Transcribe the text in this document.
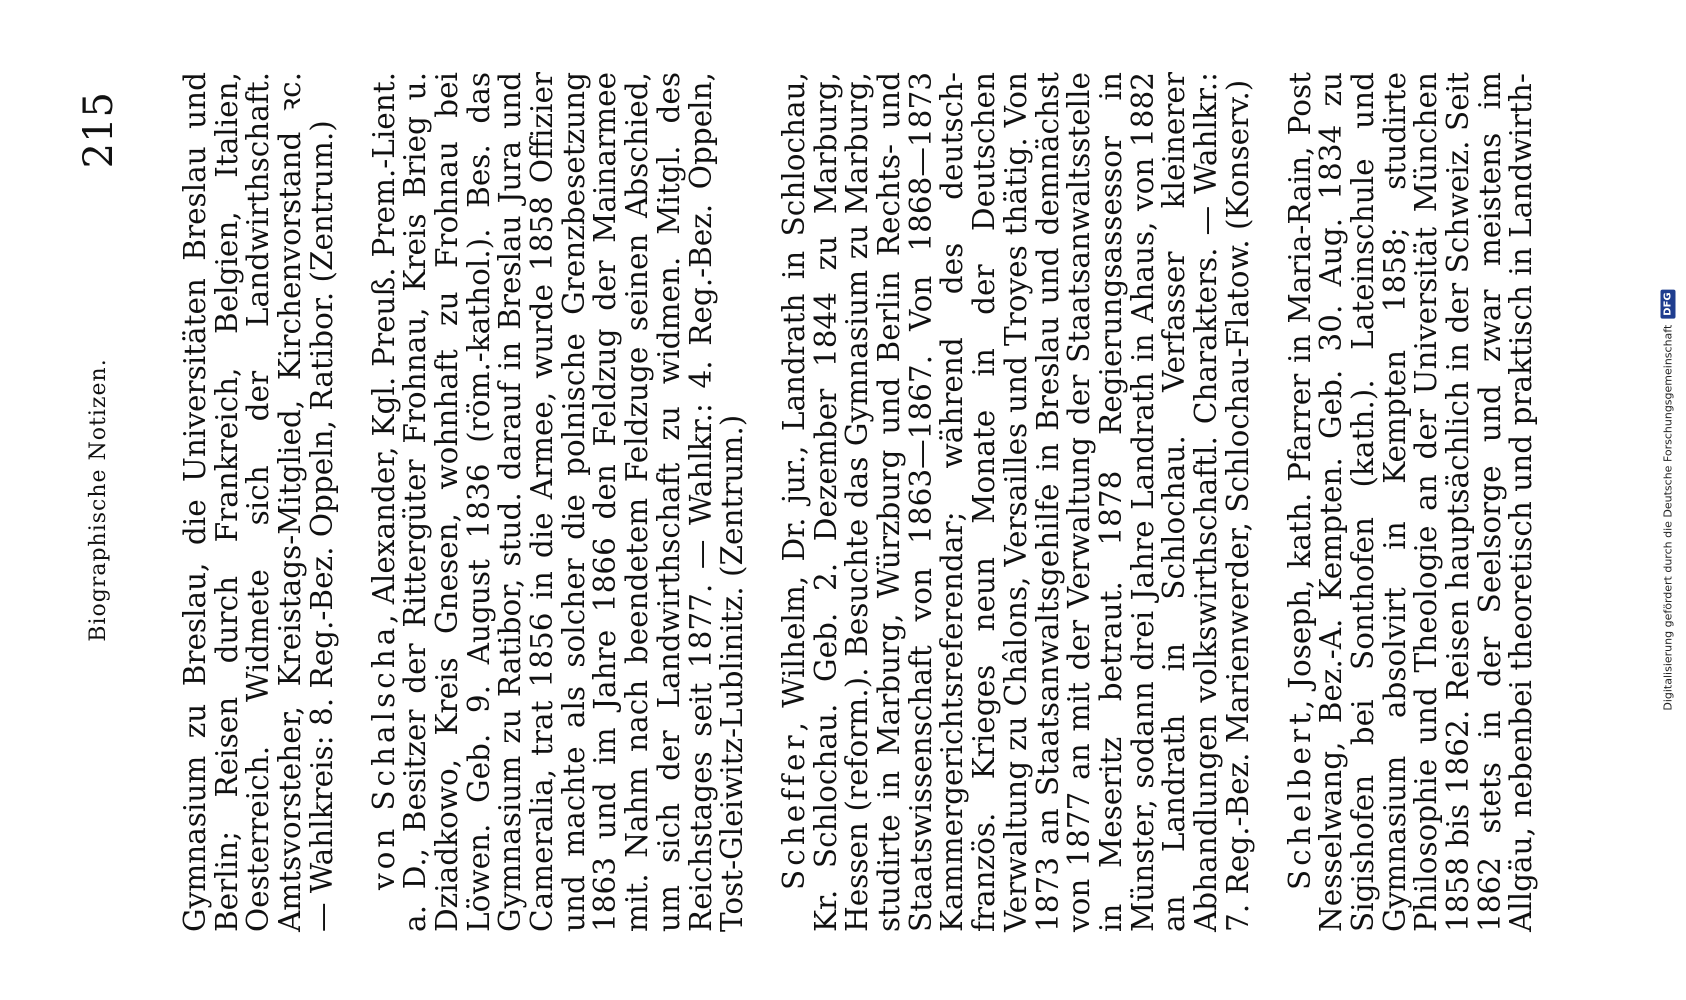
Biographische Notizen.
215 Gymnasium zu Breslau, die Universitäten Breslau und Berlin; Reisen durch Frankreich, Belgien, Italien, Oesterreich. Widmete sich der Landwirthschaft. Amtsvorsteher, Kreistags-Mitglied, Kirchenvorstand ꝛc. — Wahlkreis: 8. Reg.-Bez. Oppeln, Ratibor. (Zentrum.) von Schalscha, Alexander, Kgl. Preuß. Prem.-Lient. a. D., Besitzer der Rittergüter Frohnau, Kreis Brieg u. Dziadkowo, Kreis Gnesen, wohnhaft zu Frohnau bei Löwen. Geb. 9. August 1836 (röm.-kathol.). Bes. das Gymnasium zu Ratibor, stud. darauf in Breslau Jura und Cameralia, trat 1856 in die Armee, wurde 1858 Offizier und machte als solcher die polnische Grenzbesetzung 1863 und im Jahre 1866 den Feldzug der Mainarmee mit. Nahm nach beendetem Feldzuge seinen Abschied, um sich der Landwirthschaft zu widmen. Mitgl. des Reichstages seit 1877. — Wahlkr.: 4. Reg.-Bez. Oppeln, Tost-Gleiwitz-Lublinitz. (Zentrum.) Scheffer, Wilhelm, Dr. jur., Landrath in Schlochau, Kr. Schlochau. Geb. 2. Dezember 1844 zu Marburg, Hessen (reform.). Besuchte das Gymnasium zu Marburg, studirte in Marburg, Würzburg und Berlin Rechts- und Staatswissenschaft von 1863—1867. Von 1868—1873 Kammergerichtsreferendar; während des deutsch-französ. Krieges neun Monate in der Deutschen Verwaltung zu Châlons, Versailles und Troyes thätig. Von 1873 an Staatsanwaltsgehilfe in Breslau und demnächst von 1877 an mit der Verwaltung der Staatsanwaltsstelle in Meseritz betraut. 1878 Regierungsassessor in Münster, sodann drei Jahre Landrath in Ahaus, von 1882 an Landrath in Schlochau. Verfasser kleinerer Abhandlungen volkswirthschaftl. Charakters. — Wahlkr.: 7. Reg.-Bez. Marienwerder, Schlochau-Flatow. (Konserv.) Schelbert, Joseph, kath. Pfarrer in Maria-Rain, Post Nesselwang, Bez.-A. Kempten. Geb. 30. Aug. 1834 zu Sigishofen bei Sonthofen (kath.). Lateinschule und Gymnasium absolvirt in Kempten 1858; studirte Philosophie und Theologie an der Universität München 1858 bis 1862. Reisen hauptsächlich in der Schweiz. Seit 1862 stets in der Seelsorge und zwar meistens im Allgäu, nebenbei theoretisch und praktisch in Landwirth-	Digitalisierung gefördert durch die Deutsche Forschungsgemeinschaft
DFG
